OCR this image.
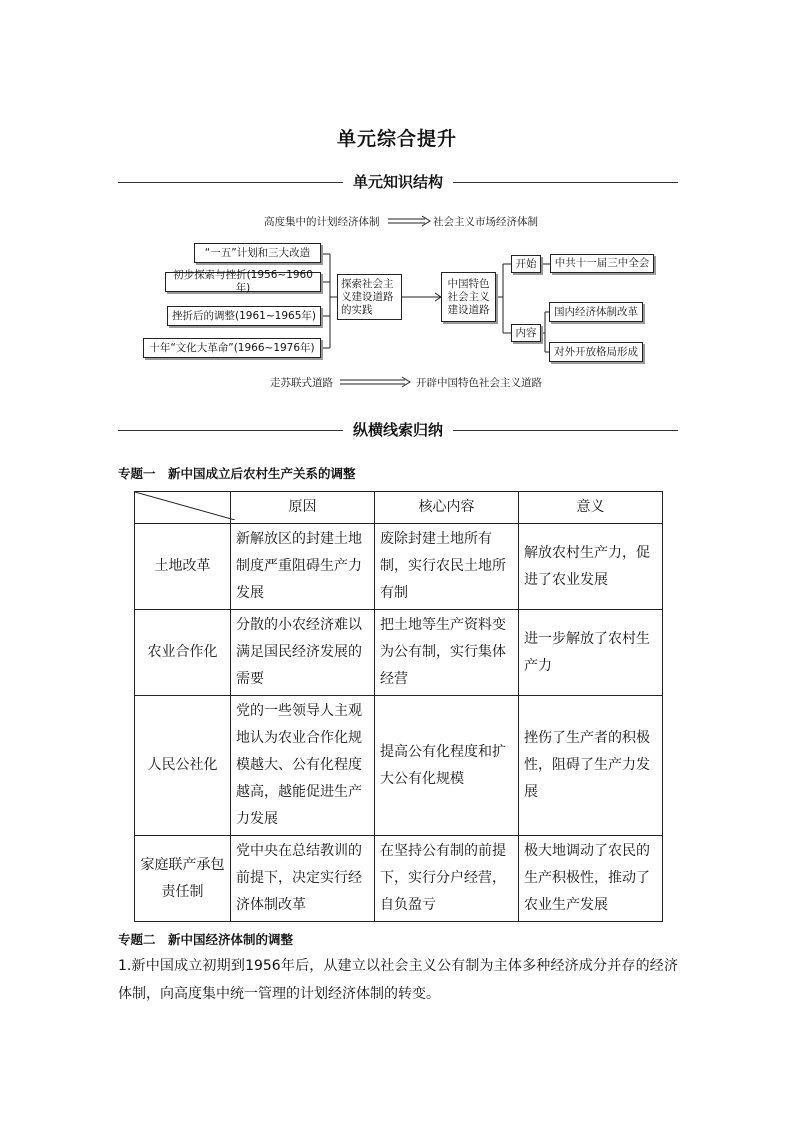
单元综合提升
单元知识结构
高度集中的计划经济体制	社会主义市场经济体制
“一五”计划和三大改造
初步探索与挫折(1956~1960年)
挫折后的调整(1961~1965年)
十年“文化大革命”(1966~1976年)
探索社会主义建设道路的实践
中国特色社会主义建设道路
开始	中共十一届三中全会
内容
国内经济体制改革
对外开放格局形成
走苏联式道路	开辟中国特色社会主义道路
纵横线索归纳
专题一　新中国成立后农村生产关系的调整
	原因	核心内容	意义
土地改革	新解放区的封建土地制度严重阻碍生产力发展	废除封建土地所有制，实行农民土地所有制	解放农村生产力，促进了农业发展
农业合作化	分散的小农经济难以满足国民经济发展的需要	把土地等生产资料变为公有制，实行集体经营	进一步解放了农村生产力
人民公社化	党的一些领导人主观地认为农业合作化规模越大、公有化程度越高，越能促进生产力发展	提高公有化程度和扩大公有化规模	挫伤了生产者的积极性，阻碍了生产力发展
家庭联产承包责任制	党中央在总结教训的前提下，决定实行经济体制改革	在坚持公有制的前提下，实行分户经营，自负盈亏	极大地调动了农民的生产积极性，推动了农业生产发展
专题二　新中国经济体制的调整
1.新中国成立初期到1956年后，从建立以社会主义公有制为主体多种经济成分并存的经济体制，向高度集中统一管理的计划经济体制的转变。
